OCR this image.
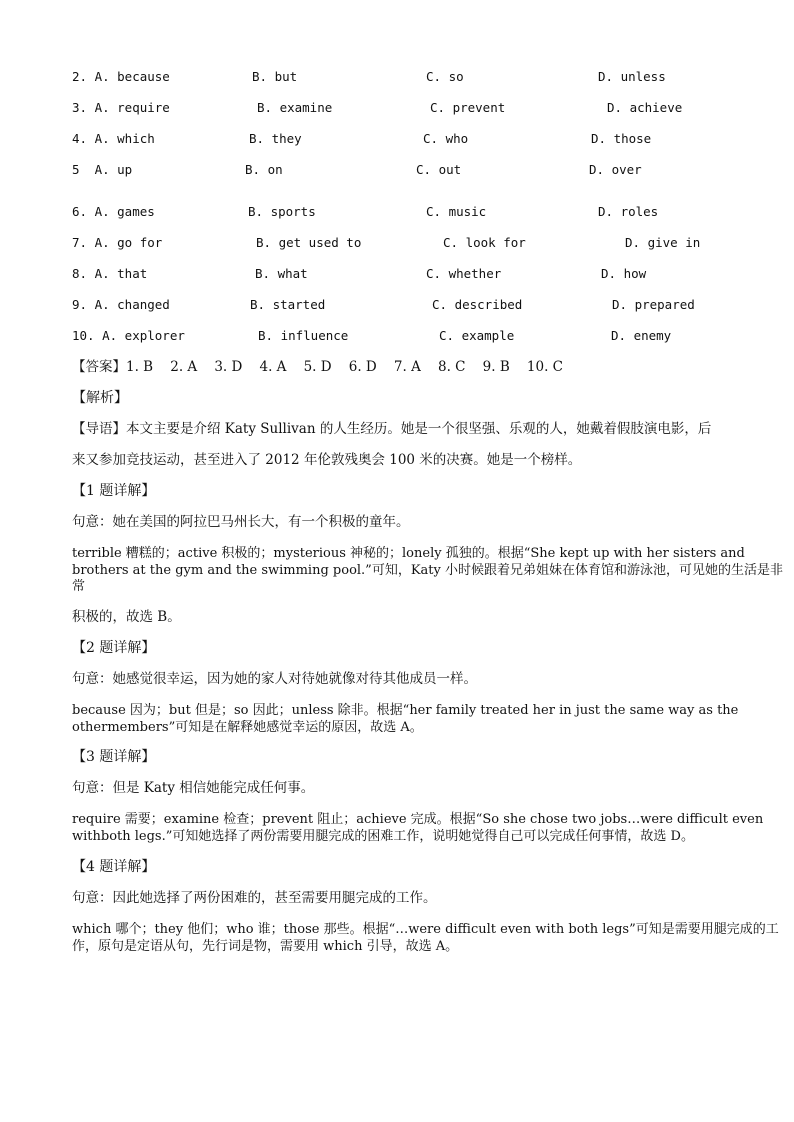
2. A. because	B. but	C. so	D. unless
3. A. require	B. examine	C. prevent	D. achieve
4. A. which	B. they	C. who	D. those
5  A. up	B. on	C. out	D. over
6. A. games	B. sports	C. music	D. roles
7. A. go for	B. get used to	C. look for	D. give in
8. A. that	B. what	C. whether	D. how
9. A. changed	B. started	C. described	D. prepared
10. A. explorer	B. influence	C. example	D. enemy
【答案】1. B    2. A    3. D    4. A    5. D    6. D    7. A    8. C    9. B    10. C
【解析】
【导语】本文主要是介绍 Katy Sullivan 的人生经历。她是一个很坚强、乐观的人，她戴着假肢演电影，后
来又参加竞技运动，甚至进入了 2012 年伦敦残奥会 100 米的决赛。她是一个榜样。
【1 题详解】
句意：她在美国的阿拉巴马州长大，有一个积极的童年。
terrible 糟糕的；active 积极的；mysterious 神秘的；lonely 孤独的。根据“She kept up with her sisters and brothers at the gym and the swimming pool.”可知，Katy 小时候跟着兄弟姐妹在体育馆和游泳池，可见她的生活是非常
积极的，故选 B。
【2 题详解】
句意：她感觉很幸运，因为她的家人对待她就像对待其他成员一样。
because 因为；but 但是；so 因此；unless 除非。根据“her family treated her in just the same way as the othermembers”可知是在解释她感觉幸运的原因，故选 A。
【3 题详解】
句意：但是 Katy 相信她能完成任何事。
require 需要；examine 检查；prevent 阻止；achieve 完成。根据“So she chose two jobs…were difficult even withboth legs.”可知她选择了两份需要用腿完成的困难工作，说明她觉得自己可以完成任何事情，故选 D。
【4 题详解】
句意：因此她选择了两份困难的，甚至需要用腿完成的工作。
which 哪个；they 他们；who 谁；those 那些。根据“…were difficult even with both legs”可知是需要用腿完成的工作，原句是定语从句，先行词是物，需要用 which 引导，故选 A。
